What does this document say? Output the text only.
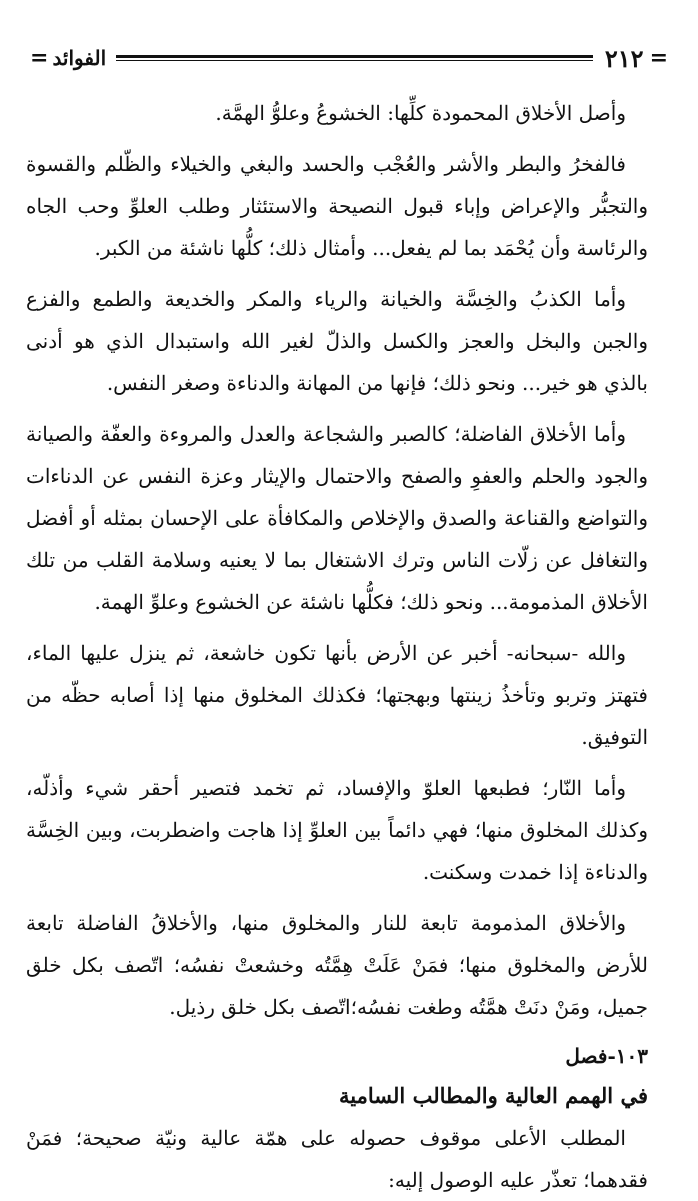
=
٢١٢
الفوائد
=

وأصل الأخلاق المحمودة كلِّها: الخشوعُ وعلوُّ الهمَّة.

فالفخرُ والبطر والأشر والعُجْب والحسد والبغي والخيلاء والظّلم والقسوة والتجبُّر والإعراض وإباء قبول النصيحة والاستئثار وطلب العلوِّ وحب الجاه والرئاسة وأن يُحْمَد بما لم يفعل... وأمثال ذلك؛ كلُّها ناشئة من الكبر.

وأما الكذبُ والخِسَّة والخيانة والرياء والمكر والخديعة والطمع والفزع والجبن والبخل والعجز والكسل والذلّ لغير الله واستبدال الذي هو أدنى بالذي هو خير... ونحو ذلك؛ فإنها من المهانة والدناءة وصغر النفس.

وأما الأخلاق الفاضلة؛ كالصبر والشجاعة والعدل والمروءة والعفّة والصيانة والجود والحلم والعفوِ والصفح والاحتمال والإيثار وعزة النفس عن الدناءات والتواضع والقناعة والصدق والإخلاص والمكافأة على الإحسان بمثله أو أفضل والتغافل عن زلّات الناس وترك الاشتغال بما لا يعنيه وسلامة القلب من تلك الأخلاق المذمومة... ونحو ذلك؛ فكلُّها ناشئة عن الخشوع وعلوِّ الهمة.

والله -سبحانه- أخبر عن الأرض بأنها تكون خاشعة، ثم ينزل عليها الماء، فتهتز وتربو وتأخذُ زينتها وبهجتها؛ فكذلك المخلوق منها إذا أصابه حظّه من التوفيق.

وأما النّار؛ فطبعها العلوّ والإفساد، ثم تخمد فتصير أحقر شيء وأذلّه، وكذلك المخلوق منها؛ فهي دائماً بين العلوِّ إذا هاجت واضطربت، وبين الخِسَّة والدناءة إذا خمدت وسكنت.

والأخلاق المذمومة تابعة للنار والمخلوق منها، والأخلاقُ الفاضلة تابعة للأرض والمخلوق منها؛ فمَنْ عَلَتْ هِمَّتُه وخشعتْ نفسُه؛ اتّصف بكل خلق جميل، ومَنْ دنَتْ همَّتُه وطغت نفسُه؛اتّصف بكل خلق رذيل.

١٠٣-فصل
في الهمم العالية والمطالب السامية

المطلب الأعلى موقوف حصوله على همّة عالية ونيّة صحيحة؛ فمَنْ فقدهما؛ تعذّر عليه الوصول إليه:
